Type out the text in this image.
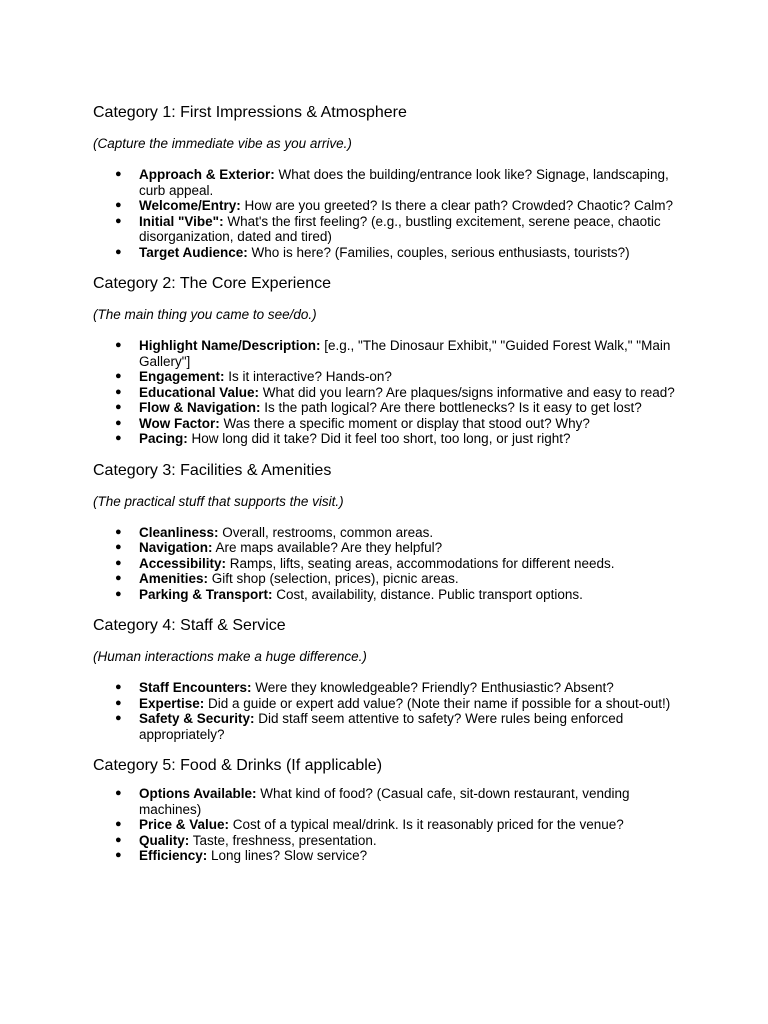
Category 1: First Impressions & Atmosphere

(Capture the immediate vibe as you arrive.)

● Approach & Exterior: What does the building/entrance look like? Signage, landscaping, curb appeal.
● Welcome/Entry: How are you greeted? Is there a clear path? Crowded? Chaotic? Calm?
● Initial "Vibe": What's the first feeling? (e.g., bustling excitement, serene peace, chaotic disorganization, dated and tired)
● Target Audience: Who is here? (Families, couples, serious enthusiasts, tourists?)
Category 2: The Core Experience

(The main thing you came to see/do.)

● Highlight Name/Description: [e.g., "The Dinosaur Exhibit," "Guided Forest Walk," "Main Gallery"]
● Engagement: Is it interactive? Hands-on?
● Educational Value: What did you learn? Are plaques/signs informative and easy to read?
● Flow & Navigation: Is the path logical? Are there bottlenecks? Is it easy to get lost?
● Wow Factor: Was there a specific moment or display that stood out? Why?
● Pacing: How long did it take? Did it feel too short, too long, or just right?
Category 3: Facilities & Amenities

(The practical stuff that supports the visit.)

● Cleanliness: Overall, restrooms, common areas.
● Navigation: Are maps available? Are they helpful?
● Accessibility: Ramps, lifts, seating areas, accommodations for different needs.
● Amenities: Gift shop (selection, prices), picnic areas.
● Parking & Transport: Cost, availability, distance. Public transport options.
Category 4: Staff & Service

(Human interactions make a huge difference.)

● Staff Encounters: Were they knowledgeable? Friendly? Enthusiastic? Absent?
● Expertise: Did a guide or expert add value? (Note their name if possible for a shout-out!)
● Safety & Security: Did staff seem attentive to safety? Were rules being enforced appropriately?
Category 5: Food & Drinks (If applicable)
● Options Available: What kind of food? (Casual cafe, sit-down restaurant, vending machines)
● Price & Value: Cost of a typical meal/drink. Is it reasonably priced for the venue?
● Quality: Taste, freshness, presentation.
● Efficiency: Long lines? Slow service?
